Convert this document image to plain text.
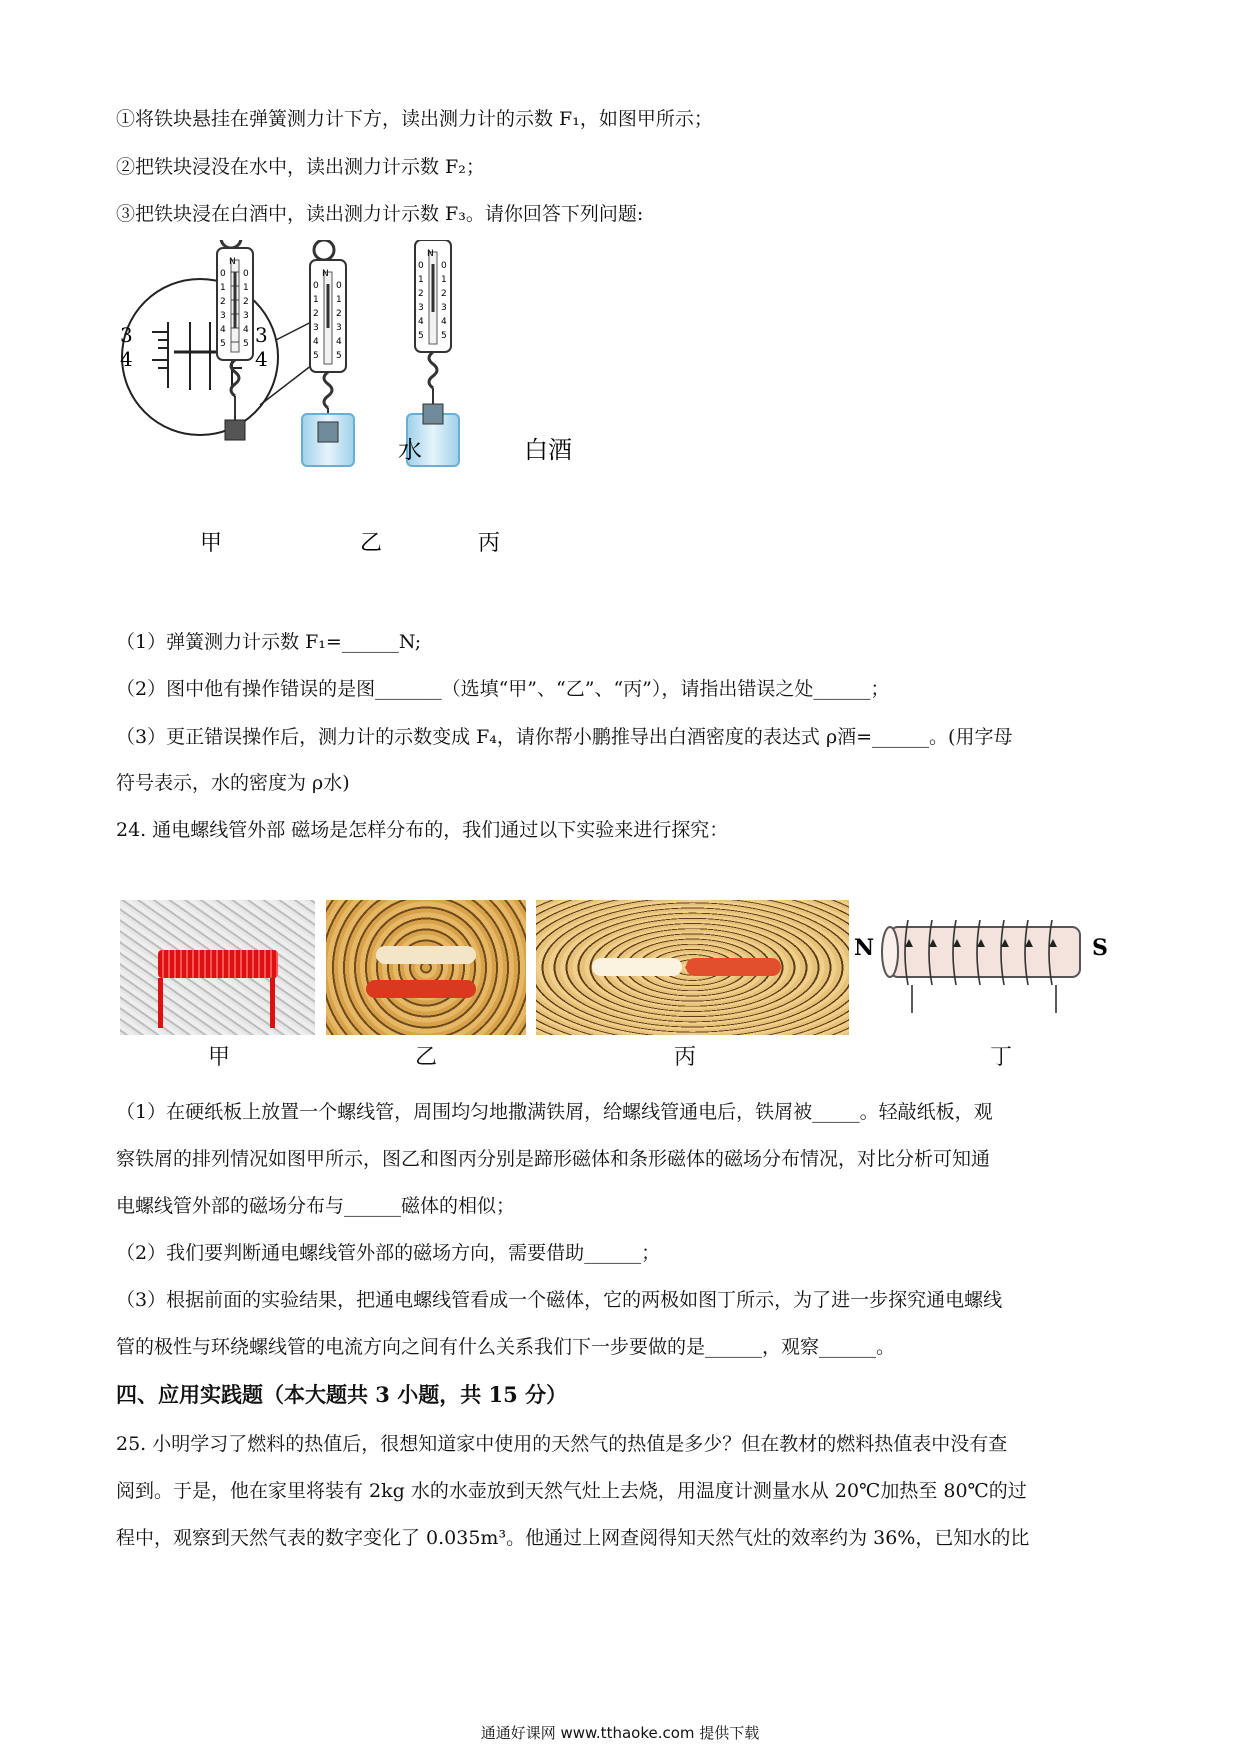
①将铁块悬挂在弹簧测力计下方，读出测力计的示数 F₁，如图甲所示；
②把铁块浸没在水中，读出测力计示数 F₂；
③把铁块浸在白酒中，读出测力计示数 F₃。请你回答下列问题:
3
4
3
4
N
0
1
2
3
4
5
0
1
2
3
4
5
N
0
1
2
3
4
5
0
1
2
3
4
5
N
0
1
2
3
4
5
0
1
2
3
4
5
水	白酒
甲	乙	丙
（1）弹簧测力计示数 F₁=______N;
（2）图中他有操作错误的是图_______（选填“甲”、“乙”、“丙”），请指出错误之处______；
（3）更正错误操作后，测力计的示数变成 F₄，请你帮小鹏推导出白酒密度的表达式 ρ酒=______。(用字母
符号表示，水的密度为 ρ水)
24. 通电螺线管外部 磁场是怎样分布的，我们通过以下实验来进行探究：
N	S
甲	乙	丙	丁
（1）在硬纸板上放置一个螺线管，周围均匀地撒满铁屑，给螺线管通电后，铁屑被_____。轻敲纸板，观
察铁屑的排列情况如图甲所示，图乙和图丙分别是蹄形磁体和条形磁体的磁场分布情况，对比分析可知通
电螺线管外部的磁场分布与______磁体的相似；
（2）我们要判断通电螺线管外部的磁场方向，需要借助______；
（3）根据前面的实验结果，把通电螺线管看成一个磁体，它的两极如图丁所示，为了进一步探究通电螺线
管的极性与环绕螺线管的电流方向之间有什么关系我们下一步要做的是______，观察______。
四、应用实践题（本大题共 3 小题，共 15 分）
25. 小明学习了燃料的热值后，很想知道家中使用的天然气的热值是多少？但在教材的燃料热值表中没有查
阅到。于是，他在家里将装有 2kg 水的水壶放到天然气灶上去烧，用温度计测量水从 20℃加热至 80℃的过
程中，观察到天然气表的数字变化了 0.035m³。他通过上网查阅得知天然气灶的效率约为 36%，已知水的比
通通好课网 www.tthaoke.com 提供下载
